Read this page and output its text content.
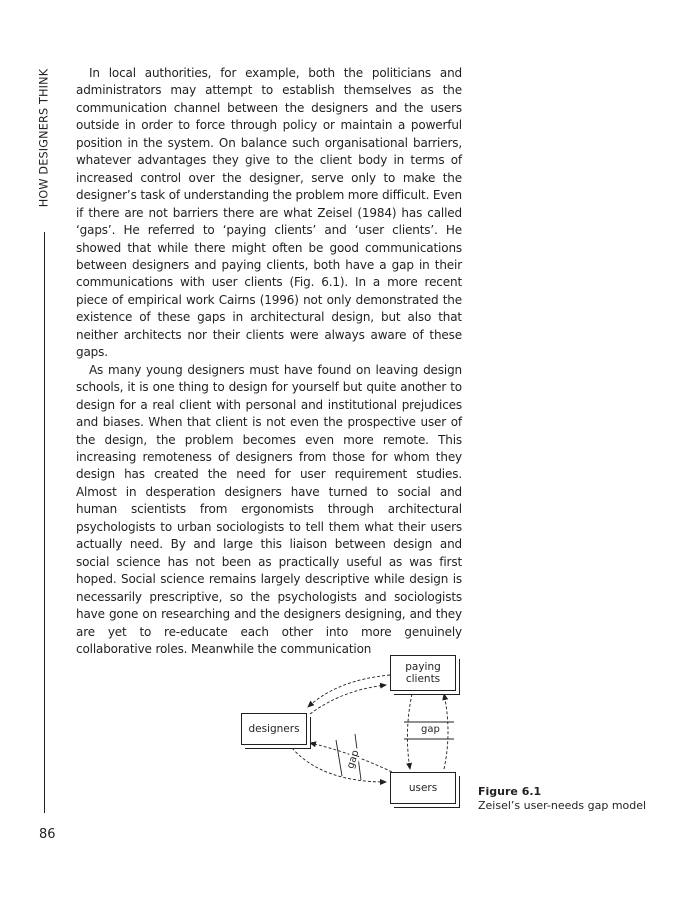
HOW DESIGNERS THINK
86

In local authorities, for example, both the politicians and administrators may attempt to establish themselves as the communication channel between the designers and the users outside in order to force through policy or maintain a powerful position in the system. On balance such organisational barriers, whatever advantages they give to the client body in terms of increased control over the designer, serve only to make the designer’s task of understanding the problem more difficult. Even if there are not barriers there are what Zeisel (1984) has called ‘gaps’. He referred to ‘paying clients’ and ‘user clients’. He showed that while there might often be good communications between designers and paying clients, both have a gap in their communications with user clients (Fig. 6.1). In a more recent piece of empirical work Cairns (1996) not only demonstrated the existence of these gaps in architectural design, but also that neither architects nor their clients were always aware of these gaps.

As many young designers must have found on leaving design schools, it is one thing to design for yourself but quite another to design for a real client with personal and institutional prejudices and biases. When that client is not even the prospective user of the design, the problem becomes even more remote. This increasing remoteness of designers from those for whom they design has created the need for user requirement studies. Almost in desperation designers have turned to social and human scientists from ergonomists through architectural psychologists to urban sociologists to tell them what their users actually need. By and large this liaison between design and social science has not been as practically useful as was first hoped. Social science remains largely descriptive while design is necessarily prescriptive, so the psychologists and sociologists have gone on researching and the designers designing, and they are yet to re-educate each other into more genuinely collaborative roles. Meanwhile the communication

paying
clients
designers
users
gap
gap
Figure 6.1
Zeisel’s user-needs gap model
